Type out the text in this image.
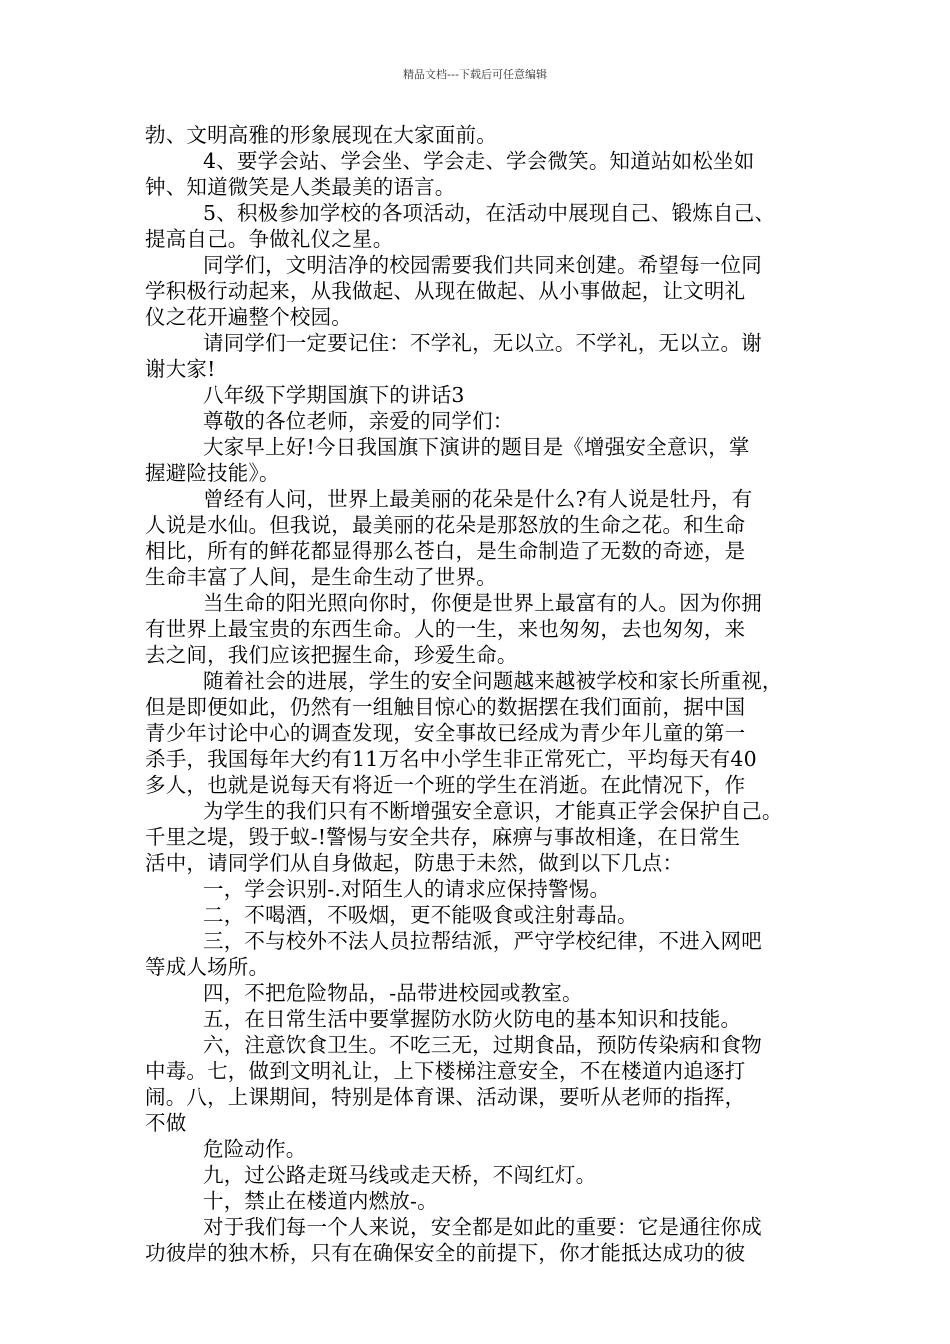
精品文档---下载后可任意编辑

勃、文明高雅的形象展现在大家面前。

4、要学会站、学会坐、学会走、学会微笑。知道站如松坐如

钟、知道微笑是人类最美的语言。

5、积极参加学校的各项活动，在活动中展现自己、锻炼自己、

提高自己。争做礼仪之星。

同学们，文明洁净的校园需要我们共同来创建。希望每一位同

学积极行动起来，从我做起、从现在做起、从小事做起，让文明礼

仪之花开遍整个校园。

请同学们一定要记住：不学礼，无以立。不学礼，无以立。谢

谢大家!

八年级下学期国旗下的讲话3

尊敬的各位老师，亲爱的同学们：

大家早上好!今日我国旗下演讲的题目是《增强安全意识，掌

握避险技能》。

曾经有人问，世界上最美丽的花朵是什么?有人说是牡丹，有

人说是水仙。但我说，最美丽的花朵是那怒放的生命之花。和生命

相比，所有的鲜花都显得那么苍白，是生命制造了无数的奇迹，是

生命丰富了人间，是生命生动了世界。

当生命的阳光照向你时，你便是世界上最富有的人。因为你拥

有世界上最宝贵的东西生命。人的一生，来也匆匆，去也匆匆，来

去之间，我们应该把握生命，珍爱生命。

随着社会的进展，学生的安全问题越来越被学校和家长所重视，

但是即便如此，仍然有一组触目惊心的数据摆在我们面前，据中国

青少年讨论中心的调查发现，安全事故已经成为青少年儿童的第一

杀手，我国每年大约有11万名中小学生非正常死亡，平均每天有40

多人，也就是说每天有将近一个班的学生在消逝。在此情况下，作

为学生的我们只有不断增强安全意识，才能真正学会保护自己。

千里之堤，毁于蚁-!警惕与安全共存，麻痹与事故相逢，在日常生

活中，请同学们从自身做起，防患于未然，做到以下几点：

一，学会识别-.对陌生人的请求应保持警惕。

二，不喝酒，不吸烟，更不能吸食或注射毒品。

三，不与校外不法人员拉帮结派，严守学校纪律，不进入网吧

等成人场所。

四，不把危险物品，-品带进校园或教室。

五，在日常生活中要掌握防水防火防电的基本知识和技能。

六，注意饮食卫生。不吃三无，过期食品，预防传染病和食物

中毒。七，做到文明礼让，上下楼梯注意安全，不在楼道内追逐打

闹。八，上课期间，特别是体育课、活动课，要听从老师的指挥，

不做

危险动作。

九，过公路走斑马线或走天桥，不闯红灯。

十，禁止在楼道内燃放-。

对于我们每一个人来说，安全都是如此的重要：它是通往你成

功彼岸的独木桥，只有在确保安全的前提下，你才能抵达成功的彼
